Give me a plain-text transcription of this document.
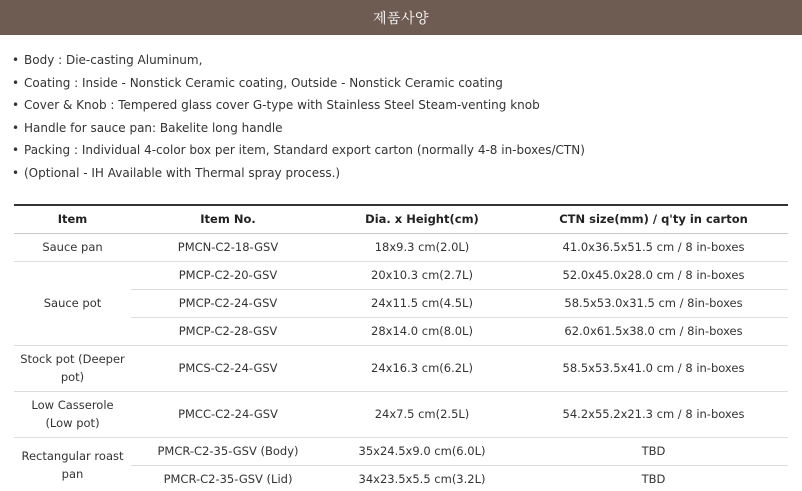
제품사양
• Body : Die-casting Aluminum,
• Coating : Inside - Nonstick Ceramic coating, Outside - Nonstick Ceramic coating
• Cover & Knob : Tempered glass cover G-type with Stainless Steel Steam-venting knob
• Handle for sauce pan: Bakelite long handle
• Packing : Individual 4-color box per item, Standard export carton (normally 4-8 in-boxes/CTN)
• (Optional - IH Available with Thermal spray process.)
Item	Item No.	Dia. x Height(cm)	CTN size(mm) / q'ty in carton
Sauce pan	PMCN-C2-18-GSV	18x9.3 cm(2.0L)	41.0x36.5x51.5 cm / 8 in-boxes
Sauce pot	PMCP-C2-20-GSV	20x10.3 cm(2.7L)	52.0x45.0x28.0 cm / 8 in-boxes
	PMCP-C2-24-GSV	24x11.5 cm(4.5L)	58.5x53.0x31.5 cm / 8in-boxes
	PMCP-C2-28-GSV	28x14.0 cm(8.0L)	62.0x61.5x38.0 cm / 8in-boxes
Stock pot (Deeper pot)	PMCS-C2-24-GSV	24x16.3 cm(6.2L)	58.5x53.5x41.0 cm / 8 in-boxes
Low Casserole (Low pot)	PMCC-C2-24-GSV	24x7.5 cm(2.5L)	54.2x55.2x21.3 cm / 8 in-boxes
Rectangular roast pan	PMCR-C2-35-GSV (Body)	35x24.5x9.0 cm(6.0L)	TBD
	PMCR-C2-35-GSV (Lid)	34x23.5x5.5 cm(3.2L)	TBD
